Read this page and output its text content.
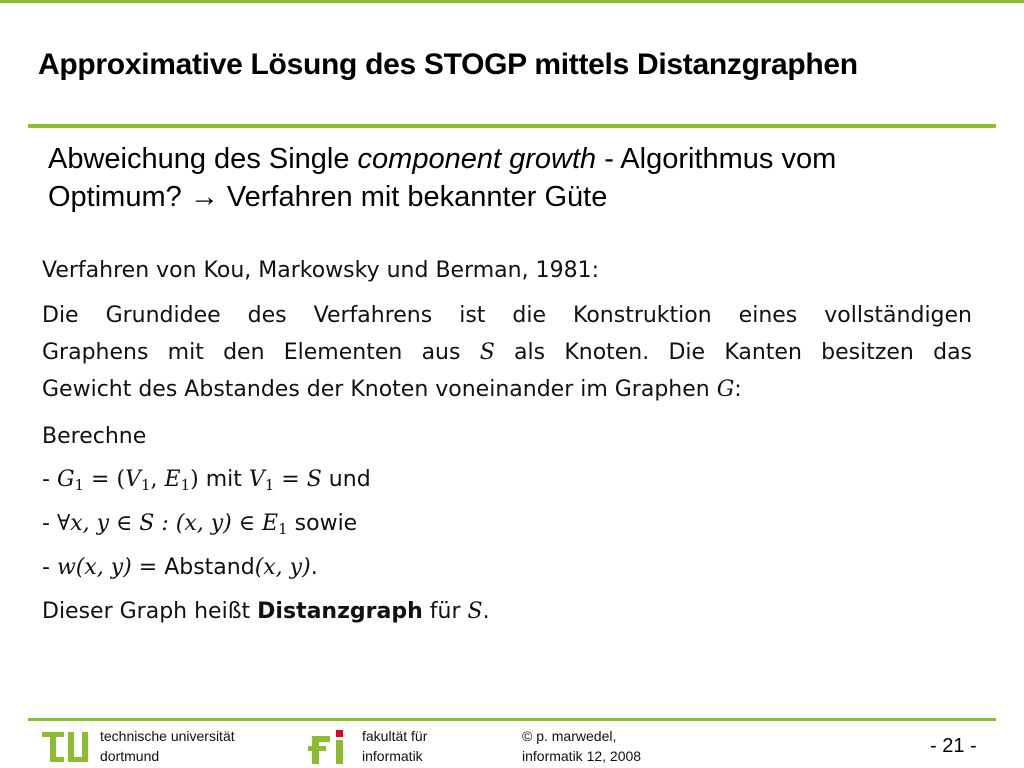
Approximative Lösung des STOGP mittels Distanzgraphen
Abweichung des Single component growth - Algorithmus vom
Optimum? → Verfahren mit bekannter Güte

Verfahren von Kou, Markowsky und Berman, 1981:

Die Grundidee des Verfahrens ist die Konstruktion eines vollständigen

Graphens mit den Elementen aus S als Knoten. Die Kanten besitzen das

Gewicht des Abstandes der Knoten voneinander im Graphen G:

Berechne

- $G_1 = (V_1$, $E_1$) mit $V_1 = S$ und

- ∀x, y ∈ S : (x, y) ∈ $E_1$ sowie

- w(x, y) = Abstand(x, y).

Dieser Graph heißt Distanzgraph für S.

technische universität
dortmund
fakultät für
informatik
© p. marwedel,
informatik 12, 2008	- 21 -
